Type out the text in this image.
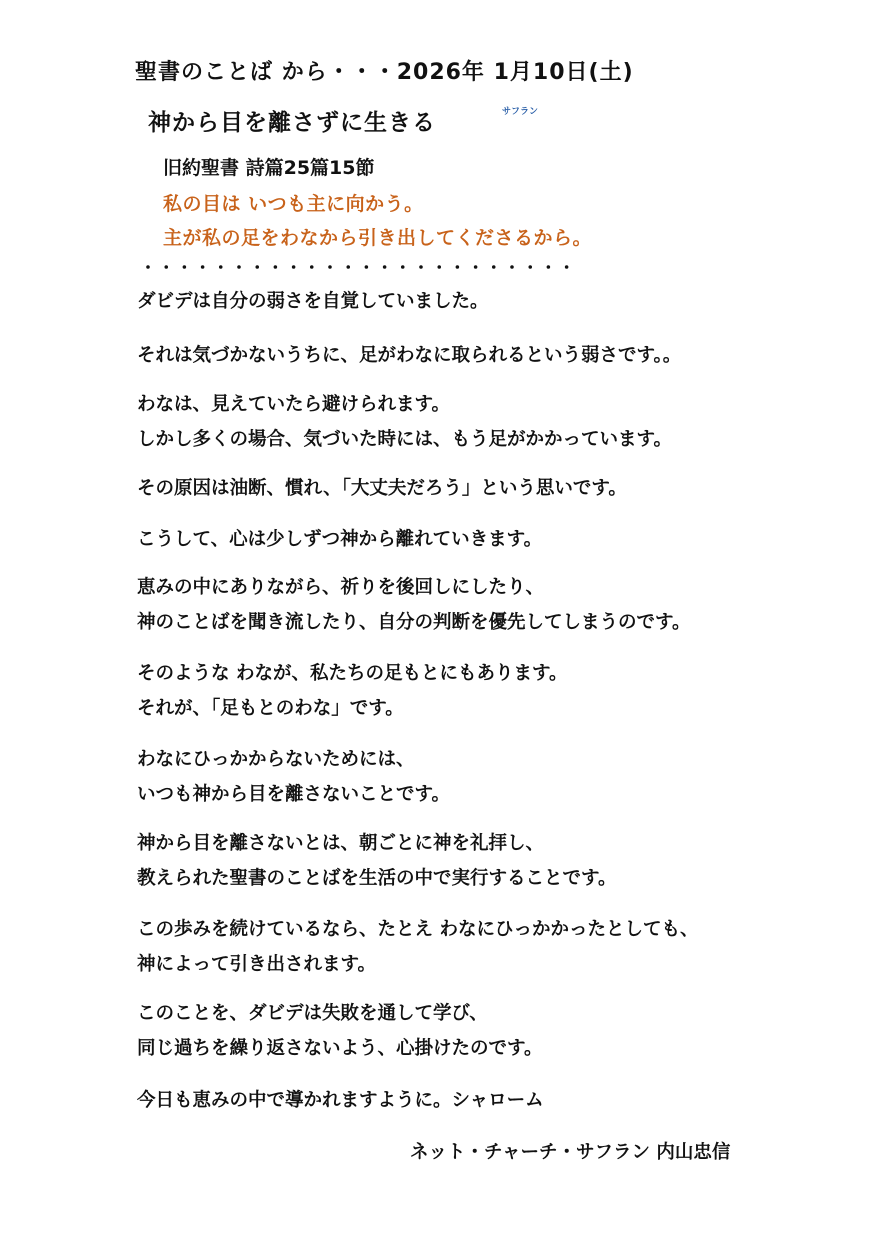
聖書のことば から・・・2026年 1月10日(土)
神から目を離さずに生きる	サフラン
旧約聖書 詩篇25篇15節
私の目は いつも主に向かう。
主が私の足をわなから引き出してくださるから。
・・・・・・・・・・・・・・・・・・・・・・・・
ダビデは自分の弱さを自覚していました。
それは気づかないうちに、足がわなに取られるという弱さです。。
わなは、見えていたら避けられます。
しかし多くの場合、気づいた時には、もう足がかかっています。
その原因は油断、慣れ、「大丈夫だろう」という思いです。
こうして、心は少しずつ神から離れていきます。
恵みの中にありながら、祈りを後回しにしたり、
神のことばを聞き流したり、自分の判断を優先してしまうのです。
そのような わなが、私たちの足もとにもあります。
それが、「足もとのわな」です。
わなにひっかからないためには、
いつも神から目を離さないことです。
神から目を離さないとは、朝ごとに神を礼拝し、
教えられた聖書のことばを生活の中で実行することです。
この歩みを続けているなら、たとえ わなにひっかかったとしても、
神によって引き出されます。
このことを、ダビデは失敗を通して学び、
同じ過ちを繰り返さないよう、心掛けたのです。
今日も恵みの中で導かれますように。シャローム
ネット・チャーチ・サフラン 内山忠信
